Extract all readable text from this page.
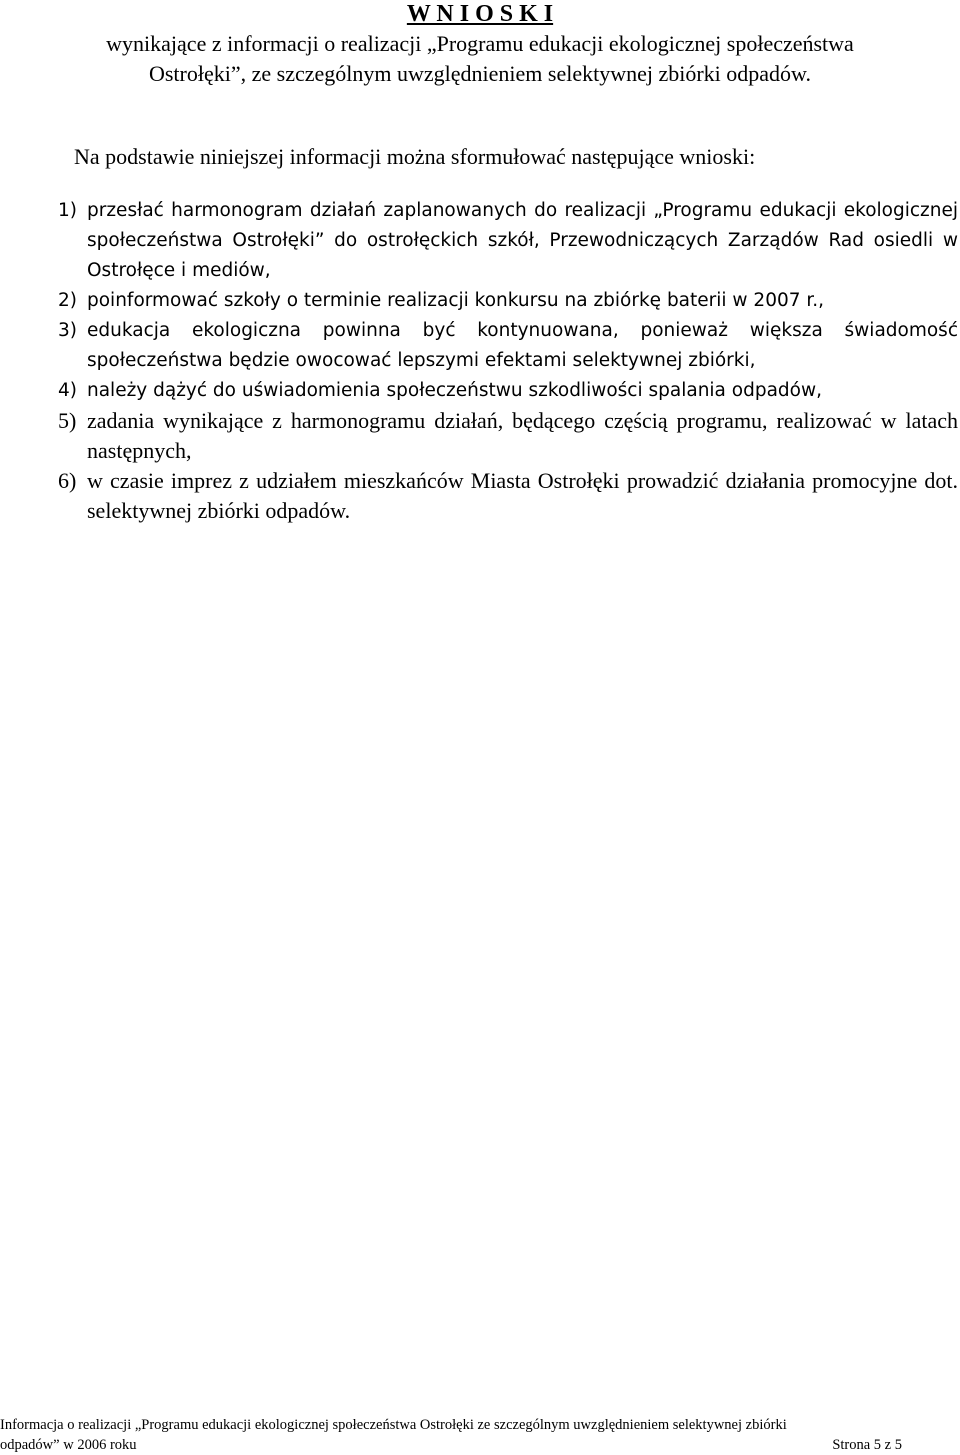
W N I O S K I
wynikające z informacji o realizacji „Programu edukacji ekologicznej społeczeństwa
Ostrołęki”, ze szczególnym uwzględnieniem selektywnej zbiórki odpadów.
Na podstawie niniejszej informacji można sformułować następujące wnioski:
1) przesłać harmonogram działań zaplanowanych do realizacji „Programu edukacji ekologicznej społeczeństwa Ostrołęki” do ostrołęckich szkół, Przewodniczących Zarządów Rad osiedli w Ostrołęce i mediów,
2) poinformować szkoły o terminie realizacji konkursu na zbiórkę baterii w 2007 r.,
3) edukacja ekologiczna powinna być kontynuowana, ponieważ większa świadomość społeczeństwa będzie owocować lepszymi efektami selektywnej zbiórki,
4) należy dążyć do uświadomienia społeczeństwu szkodliwości spalania odpadów,
5) zadania wynikające z harmonogramu działań, będącego częścią programu, realizować w latach następnych,
6) w czasie imprez z udziałem mieszkańców Miasta Ostrołęki prowadzić działania promocyjne dot. selektywnej zbiórki odpadów.
Informacja o realizacji „Programu edukacji ekologicznej społeczeństwa Ostrołęki ze szczególnym uwzględnieniem selektywnej zbiórki
odpadów” w 2006 roku	Strona 5 z 5
